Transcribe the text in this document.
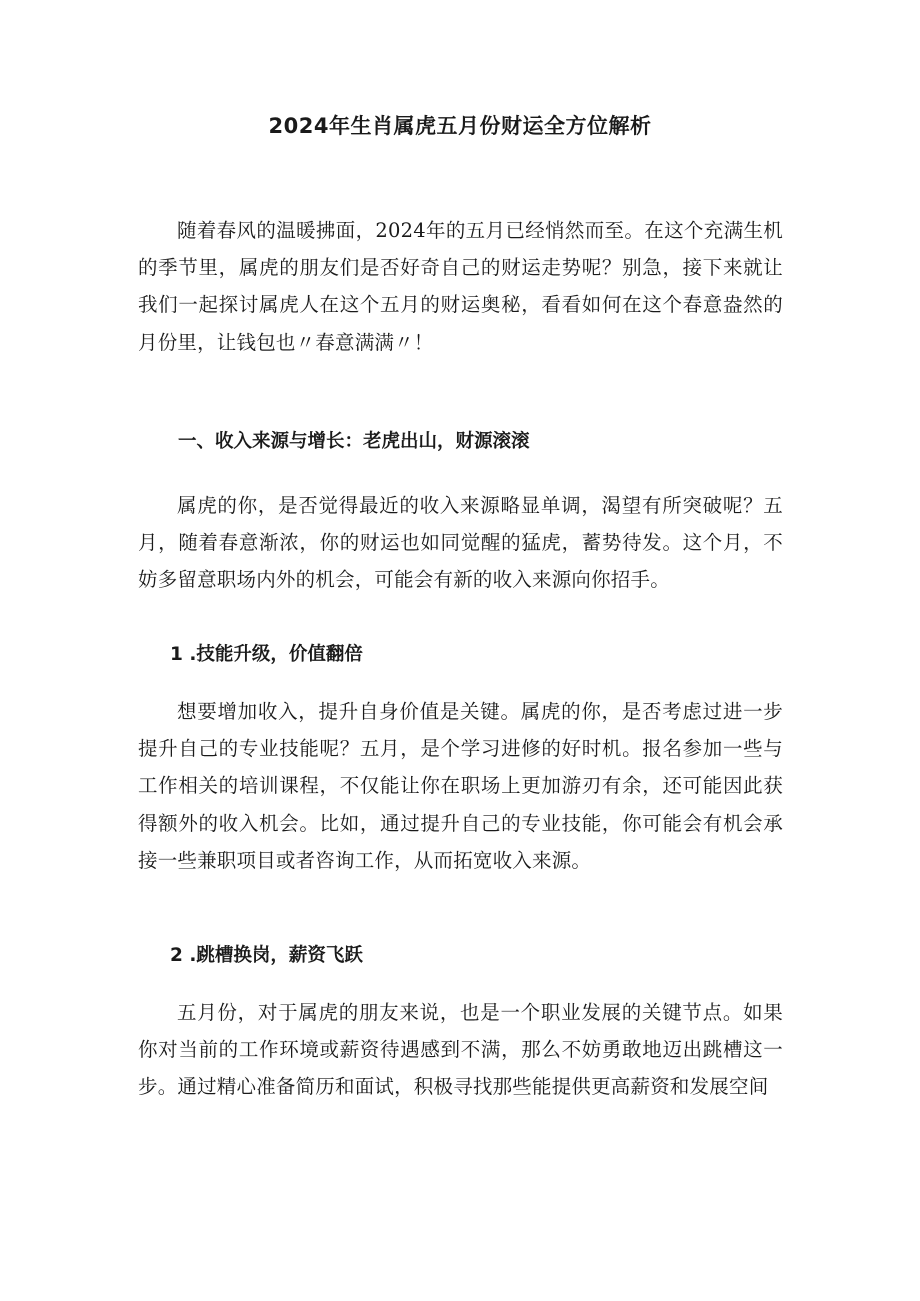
2024年生肖属虎五月份财运全方位解析

随着春风的温暖拂面，2024年的五月已经悄然而至。在这个充满生机的季节里，属虎的朋友们是否好奇自己的财运走势呢？别急，接下来就让我们一起探讨属虎人在这个五月的财运奥秘，看看如何在这个春意盎然的月份里，让钱包也〃春意满满〃！

一、收入来源与增长：老虎出山，财源滚滚

属虎的你，是否觉得最近的收入来源略显单调，渴望有所突破呢？五月，随着春意渐浓，你的财运也如同觉醒的猛虎，蓄势待发。这个月，不妨多留意职场内外的机会，可能会有新的收入来源向你招手。

1 .技能升级，价值翻倍

想要增加收入，提升自身价值是关键。属虎的你，是否考虑过进一步提升自己的专业技能呢？五月，是个学习进修的好时机。报名参加一些与工作相关的培训课程，不仅能让你在职场上更加游刃有余，还可能因此获得额外的收入机会。比如，通过提升自己的专业技能，你可能会有机会承接一些兼职项目或者咨询工作，从而拓宽收入来源。

2 .跳槽换岗，薪资飞跃

五月份，对于属虎的朋友来说，也是一个职业发展的关键节点。如果你对当前的工作环境或薪资待遇感到不满，那么不妨勇敢地迈出跳槽这一步。通过精心准备简历和面试，积极寻找那些能提供更高薪资和发展空间
